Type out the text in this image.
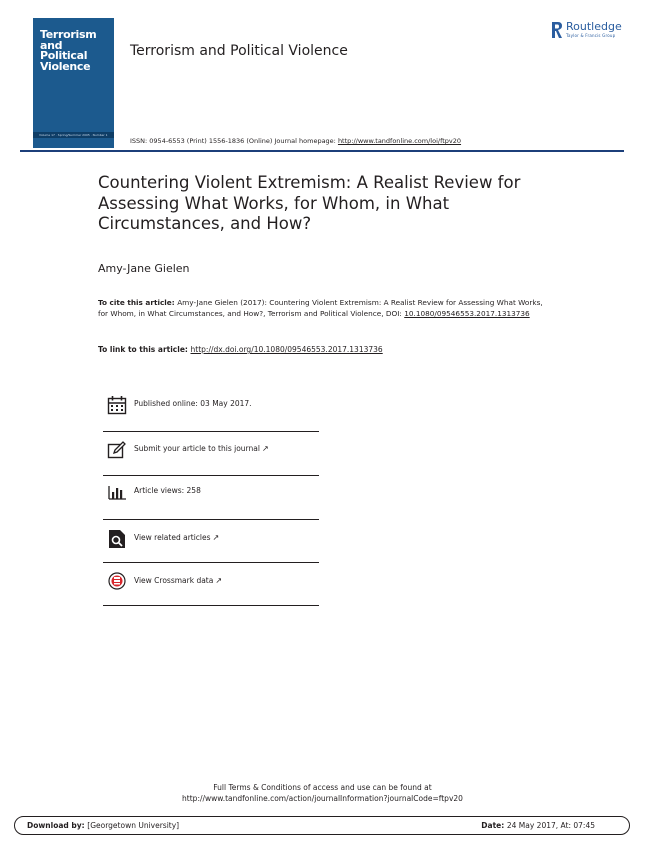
Terrorism
and
Political
Violence
Volume 17 · Spring/Summer 2005 · Number 1
Terrorism and Political Violence
Routledge
Taylor & Francis Group
ISSN: 0954-6553 (Print) 1556-1836 (Online) Journal homepage: http://www.tandfonline.com/loi/ftpv20
Countering Violent Extremism: A Realist Review for Assessing What Works, for Whom, in What Circumstances, and How?
Amy-Jane Gielen
To cite this article: Amy-Jane Gielen (2017): Countering Violent Extremism: A Realist Review for Assessing What Works, for Whom, in What Circumstances, and How?, Terrorism and Political Violence, DOI: 10.1080/09546553.2017.1313736
To link to this article: http://dx.doi.org/10.1080/09546553.2017.1313736
Published online: 03 May 2017.
Submit your article to this journal ↗
Article views: 258
View related articles ↗
View Crossmark data ↗
Full Terms & Conditions of access and use can be found at
http://www.tandfonline.com/action/journalInformation?journalCode=ftpv20
Download by: [Georgetown University]	Date: 24 May 2017, At: 07:45
